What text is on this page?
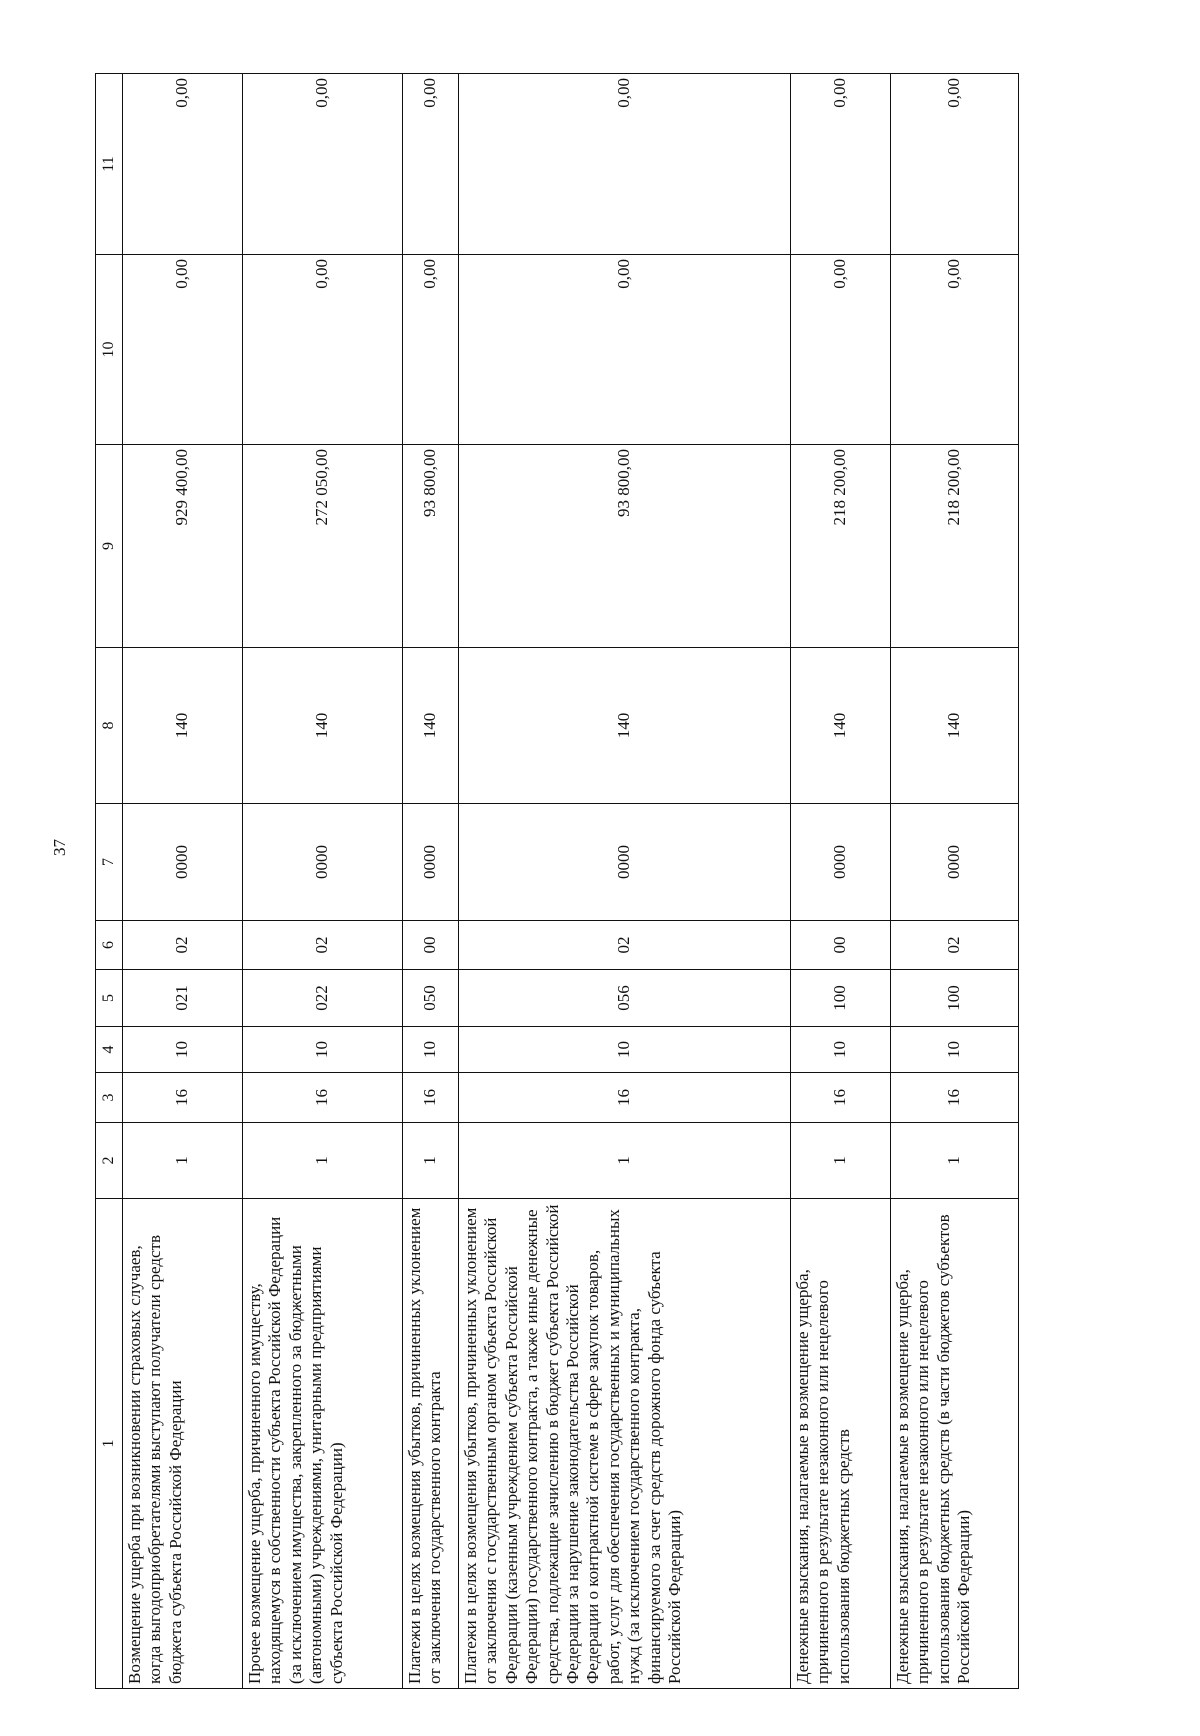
37
1	2	3	4	5	6	7	8	9	10	11
Возмещение ущерба при возникновении страховых случаев, когда выгодоприобретателями выступают получатели средств бюджета субъекта Российской Федерации	1	16	10	021	02	0000	140	929 400,00	0,00	0,00
Прочее возмещение ущерба, причиненного имуществу, находящемуся в собственности субъекта Российской Федерации (за исключением имущества, закрепленного за бюджетными (автономными) учреждениями, унитарными предприятиями субъекта Российской Федерации)	1	16	10	022	02	0000	140	272 050,00	0,00	0,00
Платежи в целях возмещения убытков, причиненных уклонением от заключения государственного контракта	1	16	10	050	00	0000	140	93 800,00	0,00	0,00
Платежи в целях возмещения убытков, причиненных уклонением от заключения с государственным органом субъекта Российской Федерации (казенным учреждением субъекта Российской Федерации) государственного контракта, а также иные денежные средства, подлежащие зачислению в бюджет субъекта Российской Федерации за нарушение законодательства Российской Федерации о контрактной системе в сфере закупок товаров, работ, услуг для обеспечения государственных и муниципальных нужд (за исключением государственного контракта, финансируемого за счет средств дорожного фонда субъекта Российской Федерации)	1	16	10	056	02	0000	140	93 800,00	0,00	0,00
Денежные взыскания, налагаемые в возмещение ущерба, причиненного в результате незаконного или нецелевого использования бюджетных средств	1	16	10	100	00	0000	140	218 200,00	0,00	0,00
Денежные взыскания, налагаемые в возмещение ущерба, причиненного в результате незаконного или нецелевого использования бюджетных средств (в части бюджетов субъектов Российской Федерации)	1	16	10	100	02	0000	140	218 200,00	0,00	0,00
